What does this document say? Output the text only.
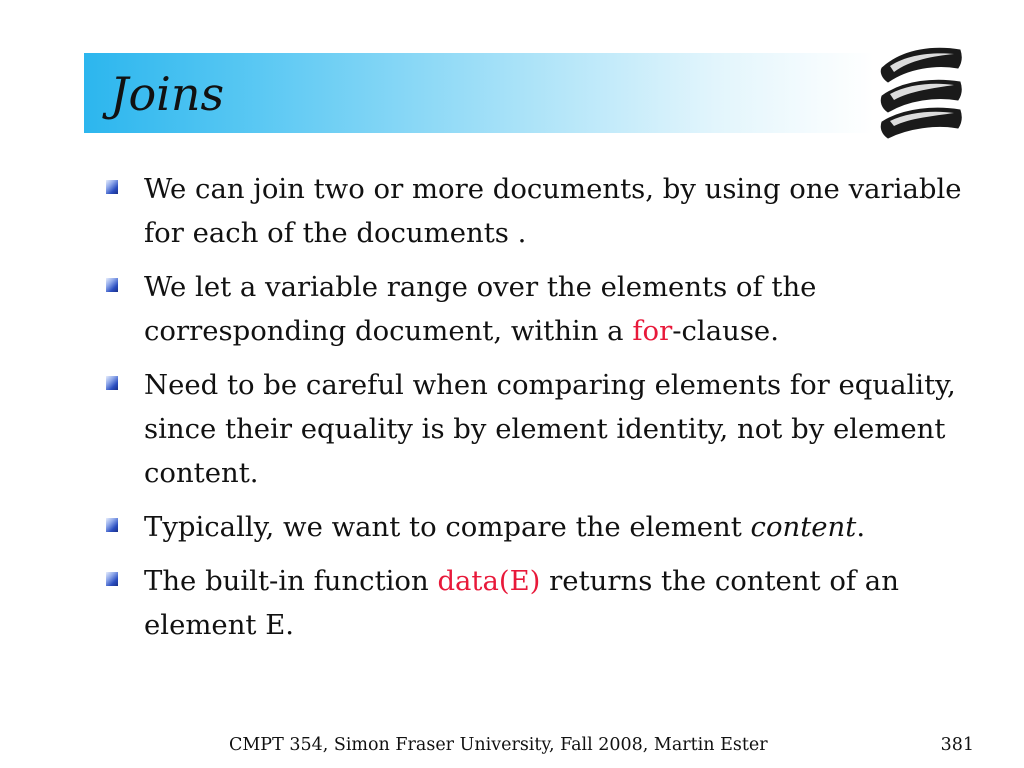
Joins
We can join two or more documents, by using one variable for each of the documents .
We let a variable range over the elements of the corresponding document, within a for-clause.
Need to be careful when comparing elements for equality, since their equality is by element identity, not by element content.
Typically, we want to compare the element content.
The built-in function data(E) returns the content of an element E.
CMPT 354, Simon Fraser University, Fall 2008, Martin Ester	381
